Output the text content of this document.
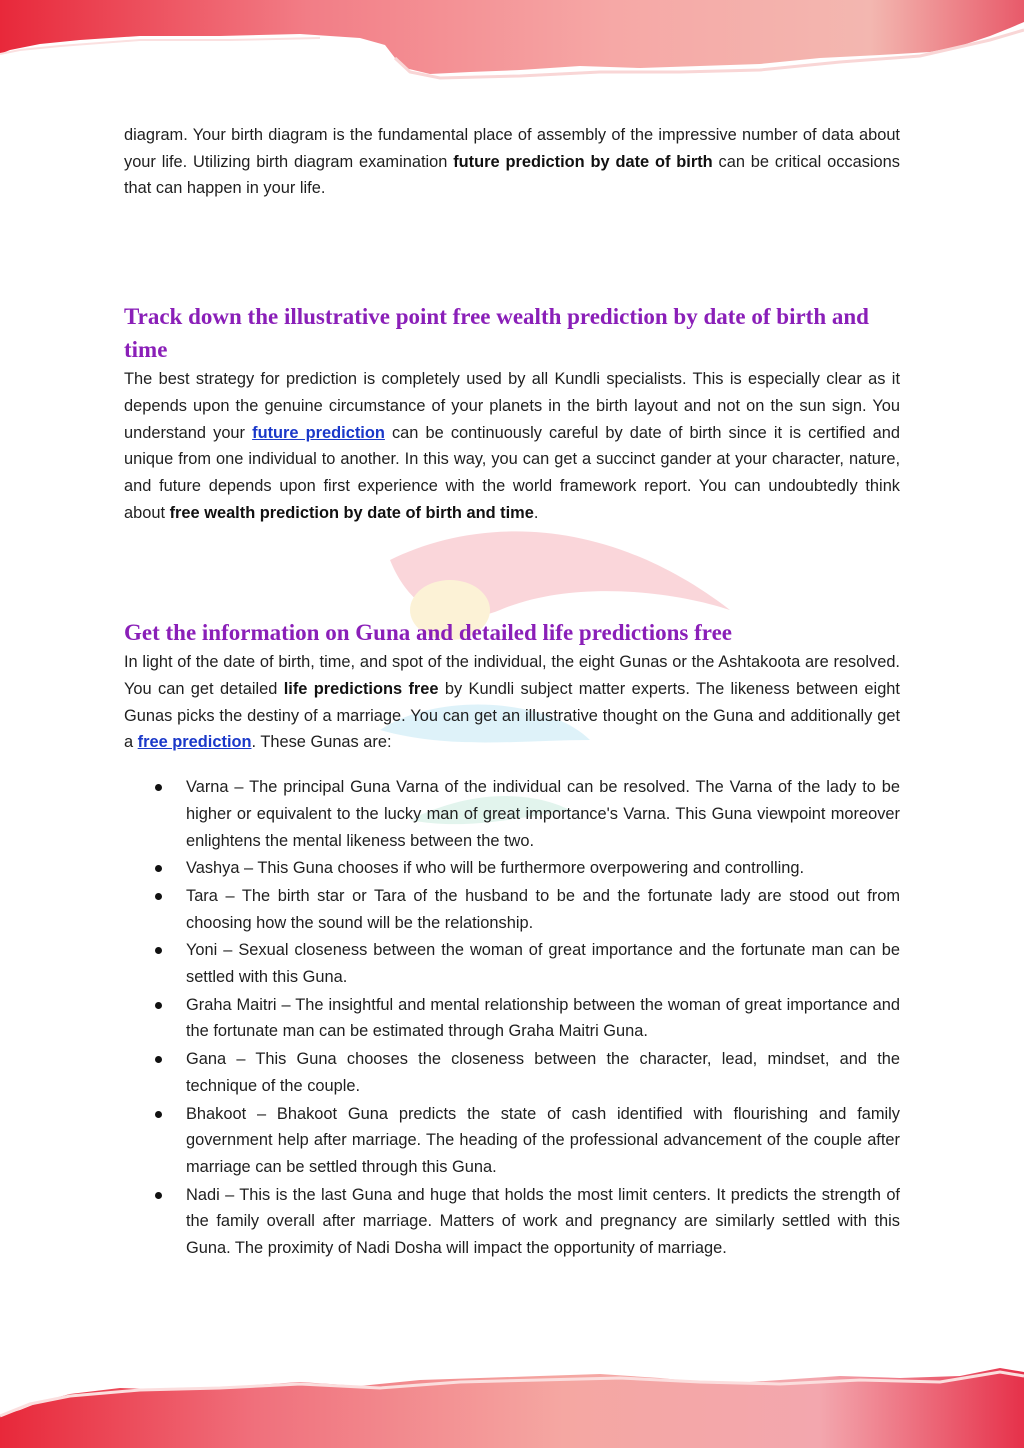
diagram. Your birth diagram is the fundamental place of assembly of the impressive number of data about your life. Utilizing birth diagram examination future prediction by date of birth can be critical occasions that can happen in your life.

Track down the illustrative point free wealth prediction by date of birth and time

The best strategy for prediction is completely used by all Kundli specialists. This is especially clear as it depends upon the genuine circumstance of your planets in the birth layout and not on the sun sign. You understand your future prediction can be continuously careful by date of birth since it is certified and unique from one individual to another. In this way, you can get a succinct gander at your character, nature, and future depends upon first experience with the world framework report. You can undoubtedly think about free wealth prediction by date of birth and time.

Get the information on Guna and detailed life predictions free

In light of the date of birth, time, and spot of the individual, the eight Gunas or the Ashtakoota are resolved. You can get detailed life predictions free by Kundli subject matter experts. The likeness between eight Gunas picks the destiny of a marriage. You can get an illustrative thought on the Guna and additionally get a free prediction. These Gunas are:

Varna – The principal Guna Varna of the individual can be resolved. The Varna of the lady to be higher or equivalent to the lucky man of great importance's Varna. This Guna viewpoint moreover enlightens the mental likeness between the two.
Vashya – This Guna chooses if who will be furthermore overpowering and controlling.
Tara – The birth star or Tara of the husband to be and the fortunate lady are stood out from choosing how the sound will be the relationship.
Yoni – Sexual closeness between the woman of great importance and the fortunate man can be settled with this Guna.
Graha Maitri – The insightful and mental relationship between the woman of great importance and the fortunate man can be estimated through Graha Maitri Guna.
Gana – This Guna chooses the closeness between the character, lead, mindset, and the technique of the couple.
Bhakoot – Bhakoot Guna predicts the state of cash identified with flourishing and family government help after marriage. The heading of the professional advancement of the couple after marriage can be settled through this Guna.
Nadi – This is the last Guna and huge that holds the most limit centers. It predicts the strength of the family overall after marriage. Matters of work and pregnancy are similarly settled with this Guna. The proximity of Nadi Dosha will impact the opportunity of marriage.
